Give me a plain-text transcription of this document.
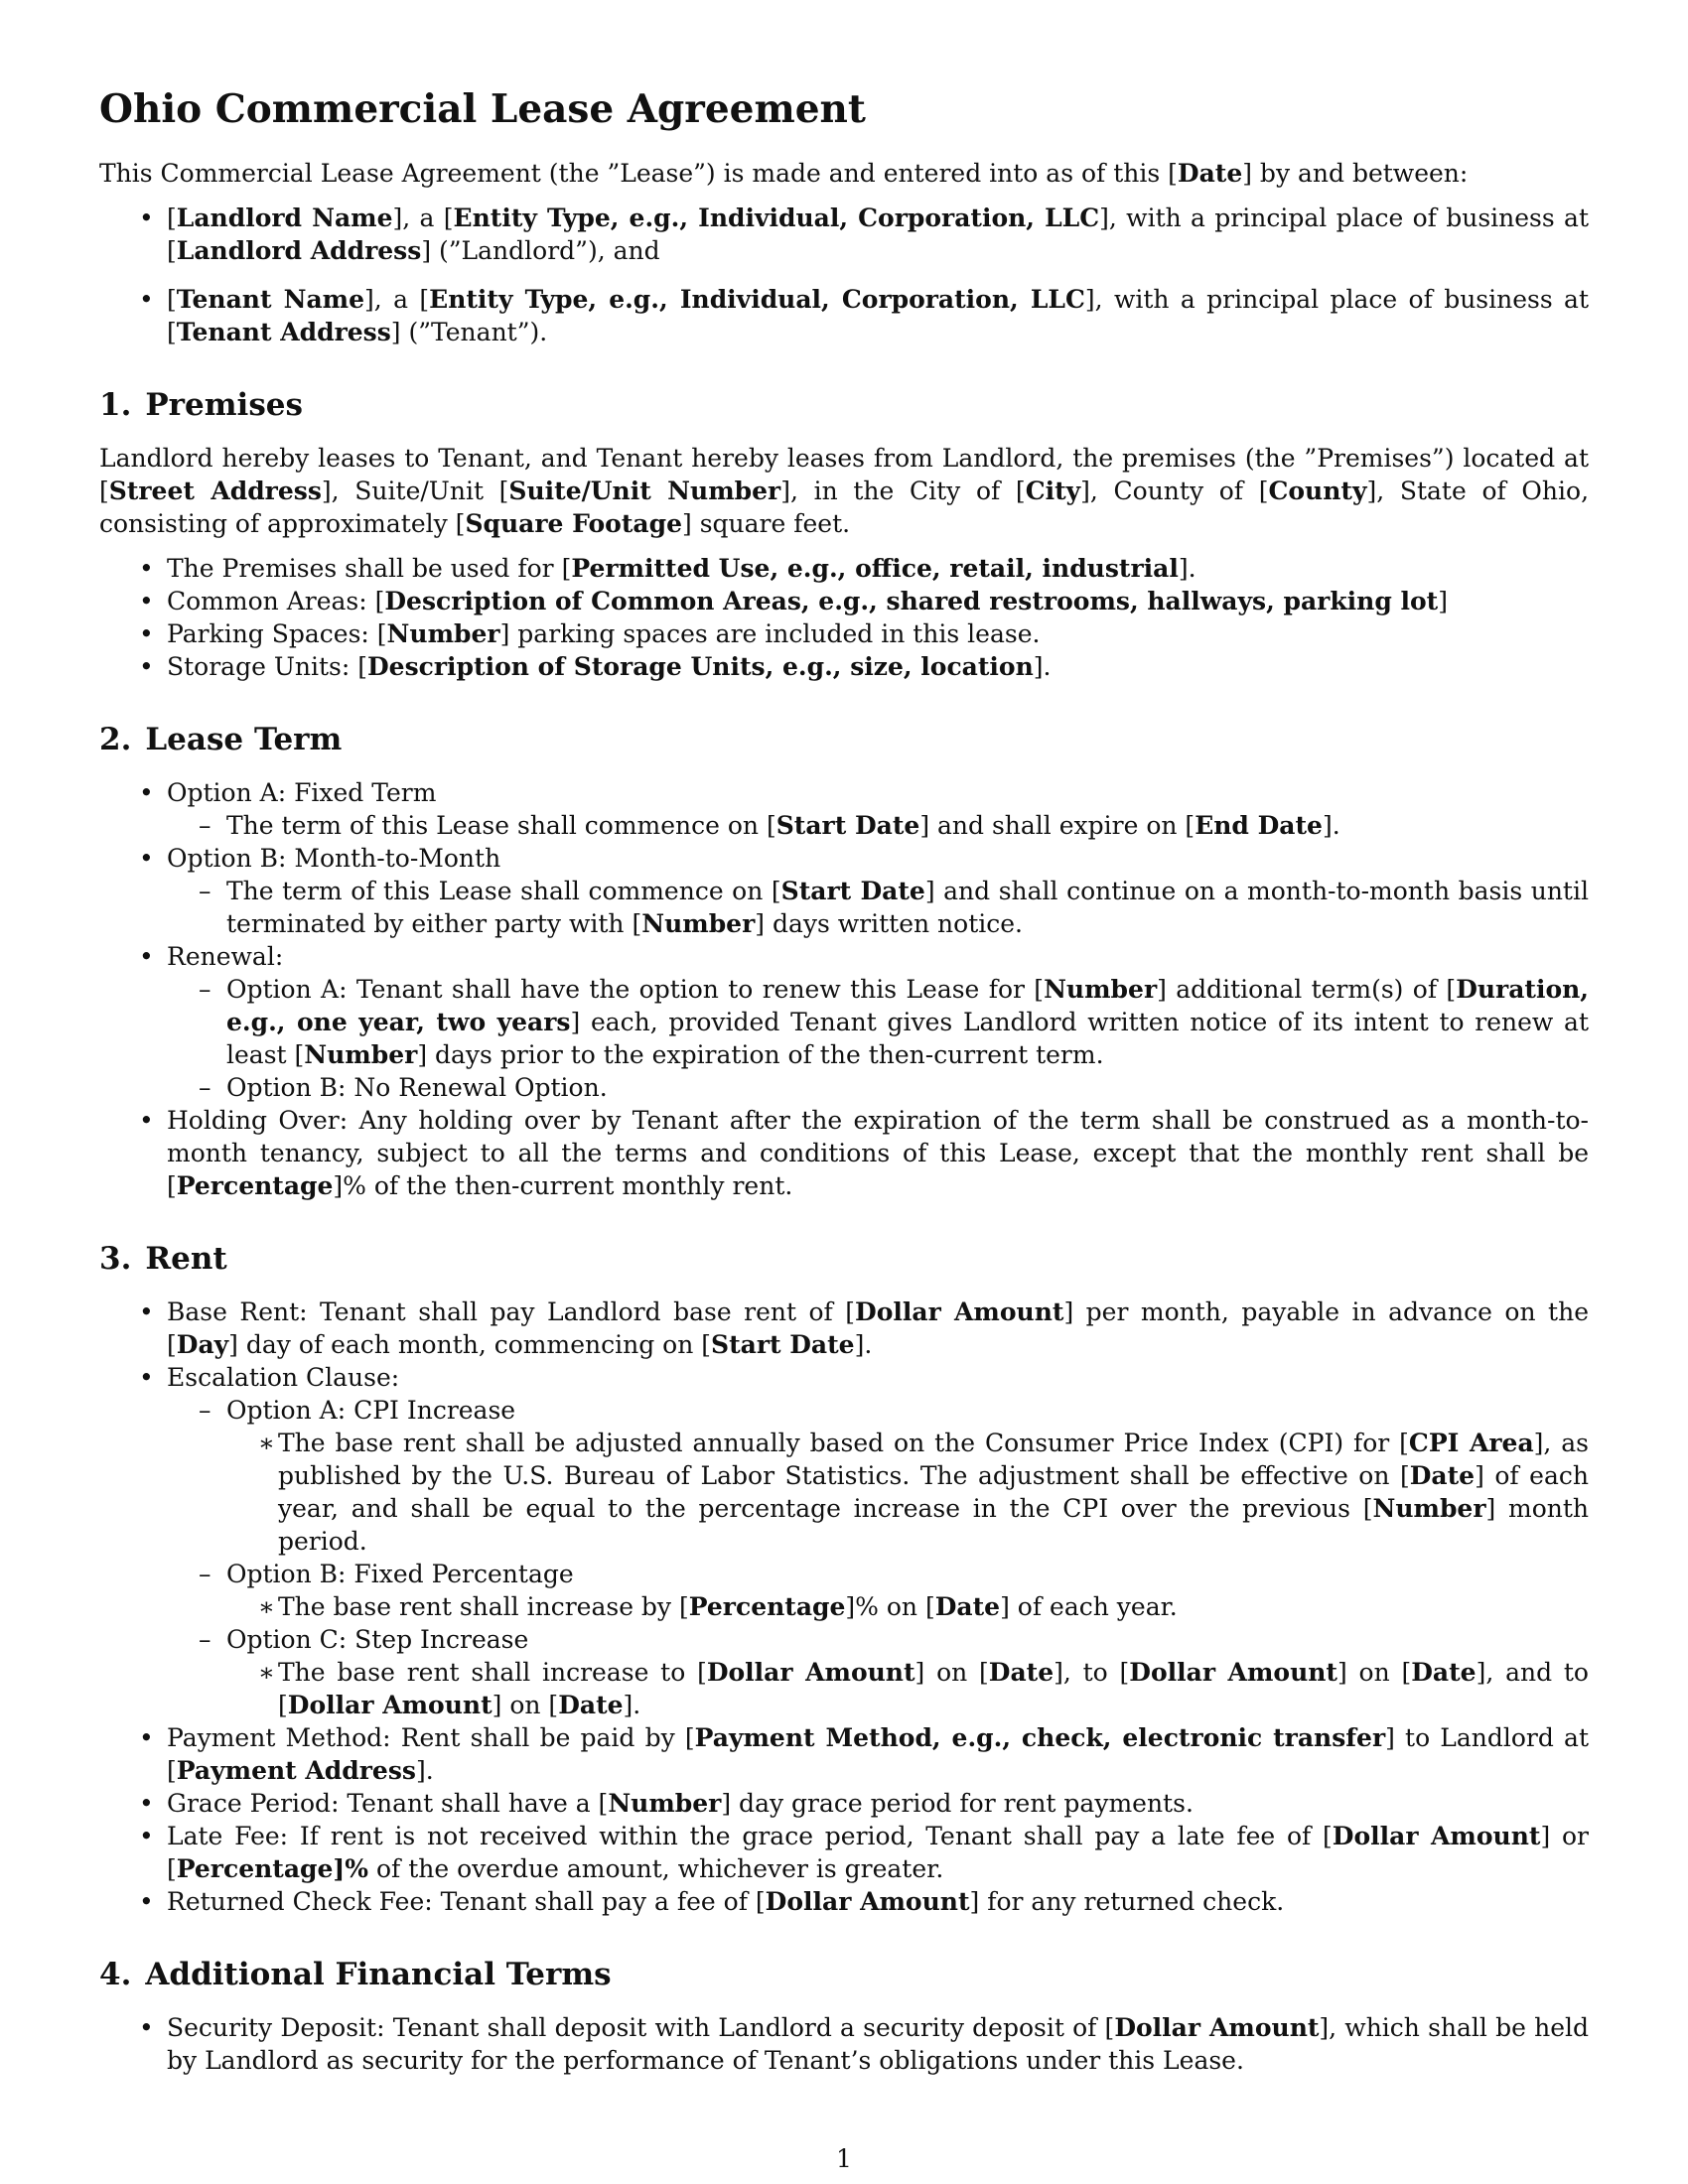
Ohio Commercial Lease Agreement

This Commercial Lease Agreement (the ”Lease”) is made and entered into as of this [Date] by and between:

• [Landlord Name], a [Entity Type, e.g., Individual, Corporation, LLC], with a principal place of business at [Landlord Address] (”Landlord”), and
• [Tenant Name], a [Entity Type, e.g., Individual, Corporation, LLC], with a principal place of business at [Tenant Address] (”Tenant”).
1. Premises

Landlord hereby leases to Tenant, and Tenant hereby leases from Landlord, the premises (the ”Premises”) located at [Street Address], Suite/Unit [Suite/Unit Number], in the City of [City], County of [County], State of Ohio, consisting of approximately [Square Footage] square feet.

• The Premises shall be used for [Permitted Use, e.g., office, retail, industrial].
• Common Areas: [Description of Common Areas, e.g., shared restrooms, hallways, parking lot]
• Parking Spaces: [Number] parking spaces are included in this lease.
• Storage Units: [Description of Storage Units, e.g., size, location].
2. Lease Term
• Option A: Fixed Term
– The term of this Lease shall commence on [Start Date] and shall expire on [End Date].
• Option B: Month-to-Month
– The term of this Lease shall commence on [Start Date] and shall continue on a month-to-month basis until terminated by either party with [Number] days written notice.
• Renewal:
– Option A: Tenant shall have the option to renew this Lease for [Number] additional term(s) of [Duration, e.g., one year, two years] each, provided Tenant gives Landlord written notice of its intent to renew at least [Number] days prior to the expiration of the then-current term.
– Option B: No Renewal Option.
• Holding Over: Any holding over by Tenant after the expiration of the term shall be construed as a month-to-month tenancy, subject to all the terms and conditions of this Lease, except that the monthly rent shall be [Percentage]% of the then-current monthly rent.
3. Rent
• Base Rent: Tenant shall pay Landlord base rent of [Dollar Amount] per month, payable in advance on the [Day] day of each month, commencing on [Start Date].
• Escalation Clause:
– Option A: CPI Increase
∗ The base rent shall be adjusted annually based on the Consumer Price Index (CPI) for [CPI Area], as published by the U.S. Bureau of Labor Statistics. The adjustment shall be effective on [Date] of each year, and shall be equal to the percentage increase in the CPI over the previous [Number] month period.
– Option B: Fixed Percentage
∗ The base rent shall increase by [Percentage]% on [Date] of each year.
– Option C: Step Increase
∗ The base rent shall increase to [Dollar Amount] on [Date], to [Dollar Amount] on [Date], and to [Dollar Amount] on [Date].
• Payment Method: Rent shall be paid by [Payment Method, e.g., check, electronic transfer] to Landlord at [Payment Address].
• Grace Period: Tenant shall have a [Number] day grace period for rent payments.
• Late Fee: If rent is not received within the grace period, Tenant shall pay a late fee of [Dollar Amount] or [Percentage]% of the overdue amount, whichever is greater.
• Returned Check Fee: Tenant shall pay a fee of [Dollar Amount] for any returned check.
4. Additional Financial Terms
• Security Deposit: Tenant shall deposit with Landlord a security deposit of [Dollar Amount], which shall be held by Landlord as security for the performance of Tenant’s obligations under this Lease.
1
